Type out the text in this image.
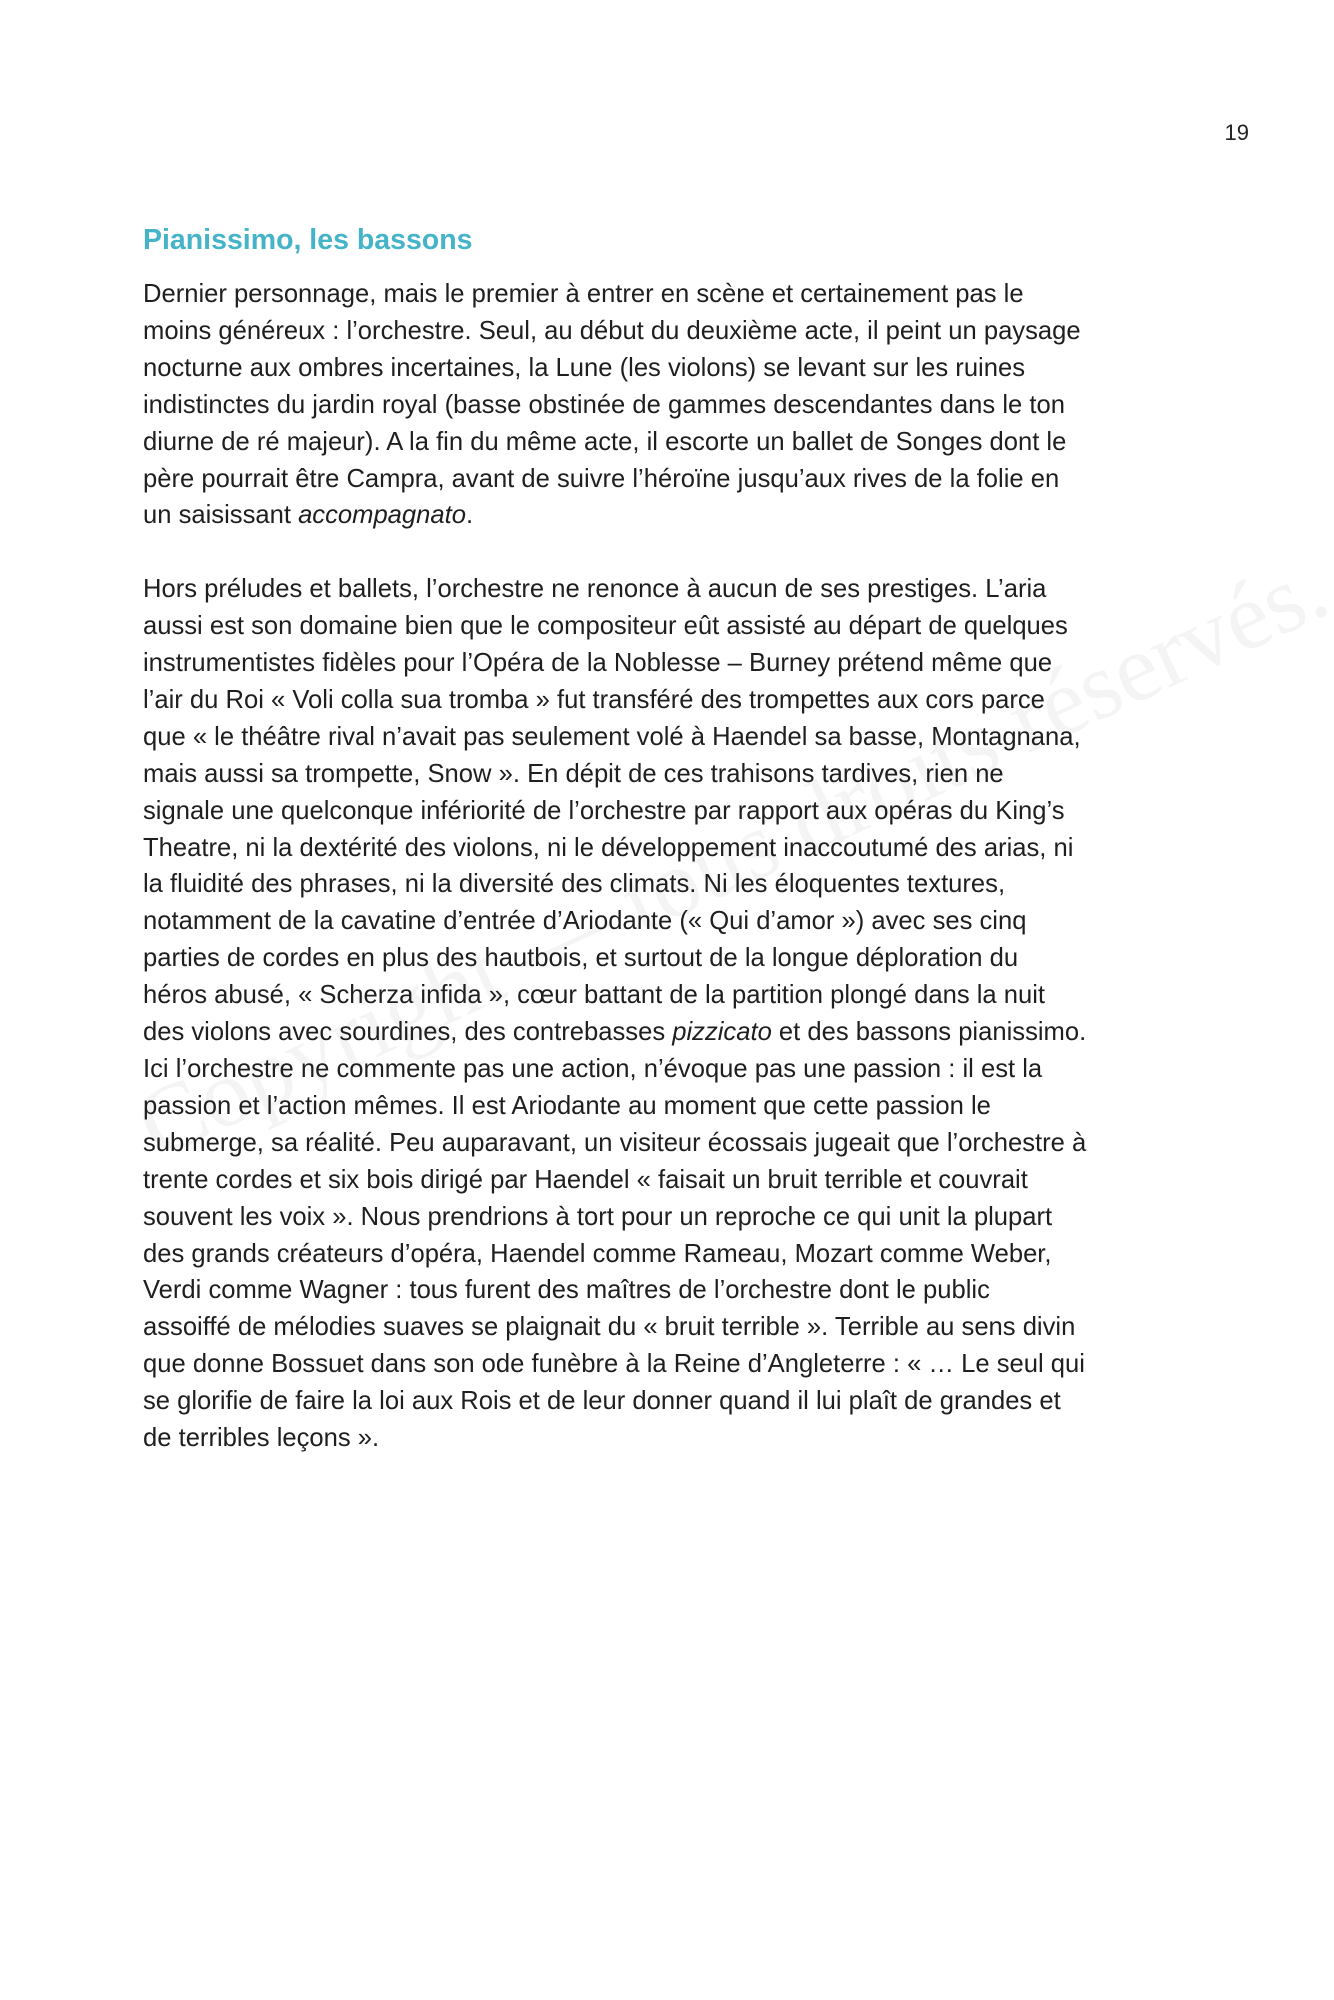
19
Pianissimo, les bassons

Dernier personnage, mais le premier à entrer en scène et certainement pas le
moins généreux : l’orchestre. Seul, au début du deuxième acte, il peint un paysage
nocturne aux ombres incertaines, la Lune (les violons) se levant sur les ruines
indistinctes du jardin royal (basse obstinée de gammes descendantes dans le ton
diurne de ré majeur). A la fin du même acte, il escorte un ballet de Songes dont le
père pourrait être Campra, avant de suivre l’héroïne jusqu’aux rives de la folie en
un saisissant accompagnato.

Hors préludes et ballets, l’orchestre ne renonce à aucun de ses prestiges. L’aria
aussi est son domaine bien que le compositeur eût assisté au départ de quelques
instrumentistes fidèles pour l’Opéra de la Noblesse – Burney prétend même que
l’air du Roi « Voli colla sua tromba » fut transféré des trompettes aux cors parce
que « le théâtre rival n’avait pas seulement volé à Haendel sa basse, Montagnana,
mais aussi sa trompette, Snow ». En dépit de ces trahisons tardives, rien ne
signale une quelconque infériorité de l’orchestre par rapport aux opéras du King’s
Theatre, ni la dextérité des violons, ni le développement inaccoutumé des arias, ni
la fluidité des phrases, ni la diversité des climats. Ni les éloquentes textures,
notamment de la cavatine d’entrée d’Ariodante (« Qui d’amor ») avec ses cinq
parties de cordes en plus des hautbois, et surtout de la longue déploration du
héros abusé, « Scherza infida », cœur battant de la partition plongé dans la nuit
des violons avec sourdines, des contrebasses pizzicato et des bassons pianissimo.
Ici l’orchestre ne commente pas une action, n’évoque pas une passion : il est la
passion et l’action mêmes. Il est Ariodante au moment que cette passion le
submerge, sa réalité. Peu auparavant, un visiteur écossais jugeait que l’orchestre à
trente cordes et six bois dirigé par Haendel « faisait un bruit terrible et couvrait
souvent les voix ». Nous prendrions à tort pour un reproche ce qui unit la plupart
des grands créateurs d’opéra, Haendel comme Rameau, Mozart comme Weber,
Verdi comme Wagner : tous furent des maîtres de l’orchestre dont le public
assoiffé de mélodies suaves se plaignait du « bruit terrible ». Terrible au sens divin
que donne Bossuet dans son ode funèbre à la Reine d’Angleterre : « … Le seul qui
se glorifie de faire la loi aux Rois et de leur donner quand il lui plaît de grandes et
de terribles leçons ».
